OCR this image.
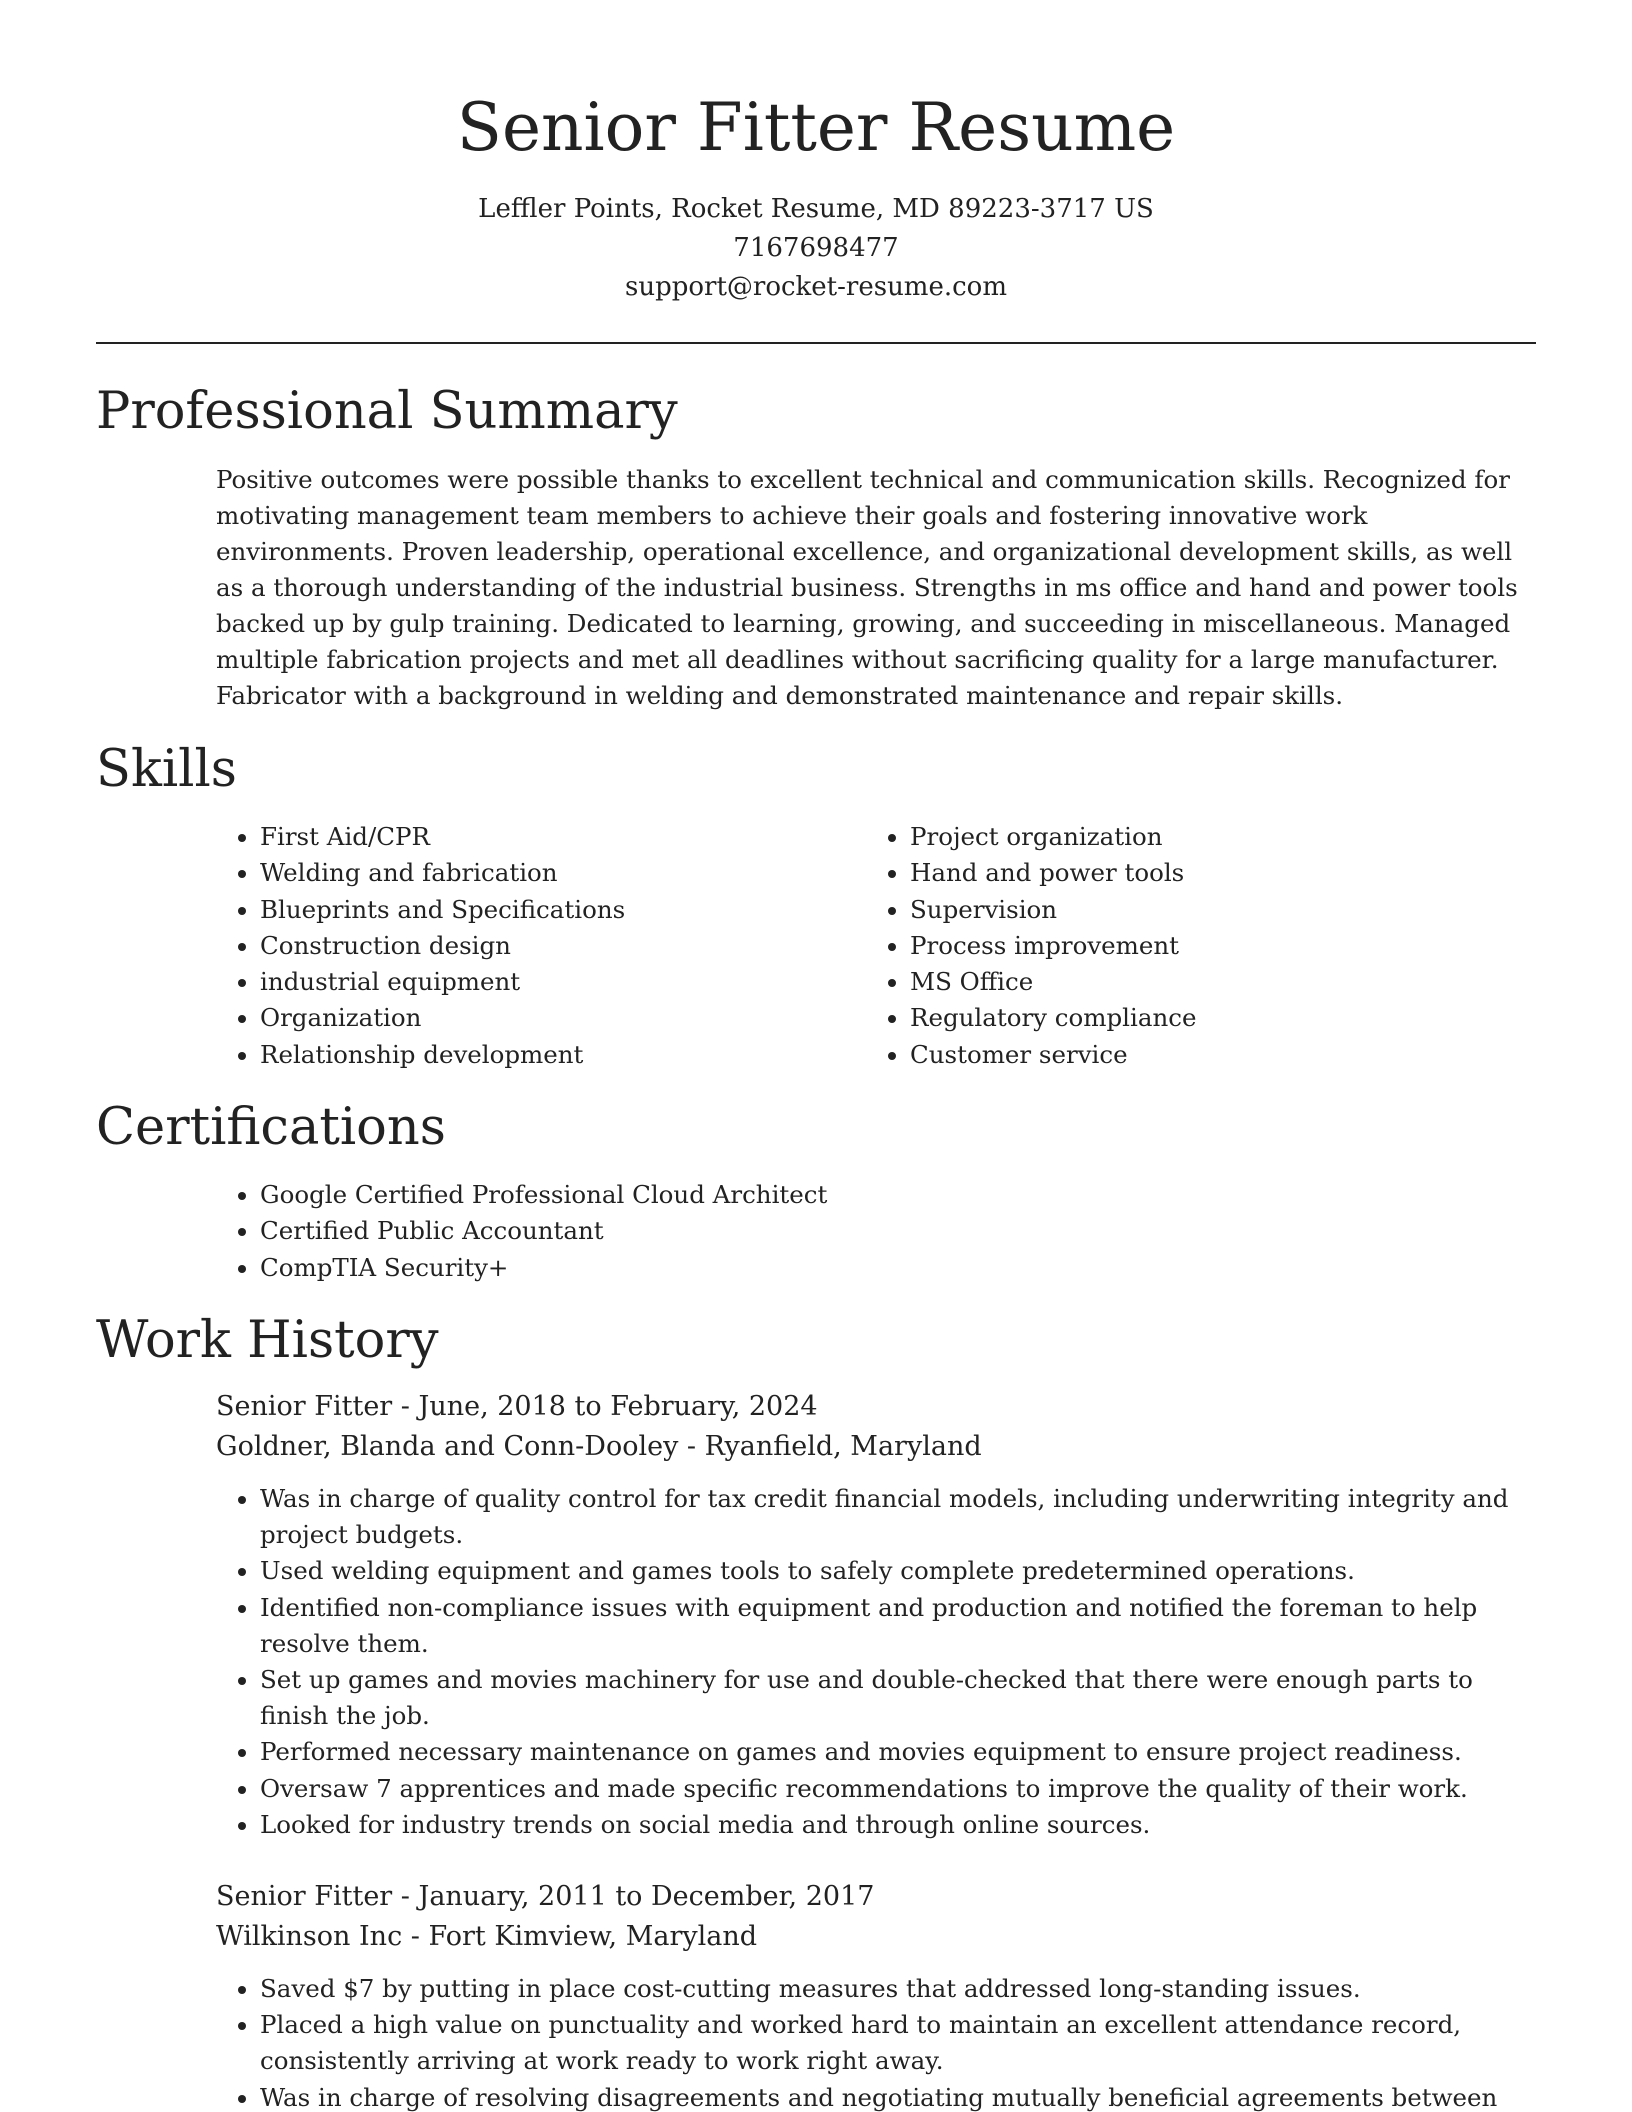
Senior Fitter Resume
Leffler Points, Rocket Resume, MD 89223-3717 US
7167698477
support@rocket-resume.com
Professional Summary

Positive outcomes were possible thanks to excellent technical and communication skills. Recognized for motivating management team members to achieve their goals and fostering innovative work environments. Proven leadership, operational excellence, and organizational development skills, as well as a thorough understanding of the industrial business. Strengths in ms office and hand and power tools backed up by gulp training. Dedicated to learning, growing, and succeeding in miscellaneous. Managed multiple fabrication projects and met all deadlines without sacrificing quality for a large manufacturer. Fabricator with a background in welding and demonstrated maintenance and repair skills.

Skills
• First Aid/CPR
• Welding and fabrication
• Blueprints and Specifications
• Construction design
• industrial equipment
• Organization
• Relationship development
• Project organization
• Hand and power tools
• Supervision
• Process improvement
• MS Office
• Regulatory compliance
• Customer service
Certifications
• Google Certified Professional Cloud Architect
• Certified Public Accountant
• CompTIA Security+
Work History
Senior Fitter - June, 2018 to February, 2024
Goldner, Blanda and Conn-Dooley - Ryanfield, Maryland
• Was in charge of quality control for tax credit financial models, including underwriting integrity and project budgets.
• Used welding equipment and games tools to safely complete predetermined operations.
• Identified non-compliance issues with equipment and production and notified the foreman to help resolve them.
• Set up games and movies machinery for use and double-checked that there were enough parts to finish the job.
• Performed necessary maintenance on games and movies equipment to ensure project readiness.
• Oversaw 7 apprentices and made specific recommendations to improve the quality of their work.
• Looked for industry trends on social media and through online sources.
Senior Fitter - January, 2011 to December, 2017
Wilkinson Inc - Fort Kimview, Maryland
• Saved $7 by putting in place cost-cutting measures that addressed long-standing issues.
• Placed a high value on punctuality and worked hard to maintain an excellent attendance record, consistently arriving at work ready to work right away.
• Was in charge of resolving disagreements and negotiating mutually beneficial agreements between
